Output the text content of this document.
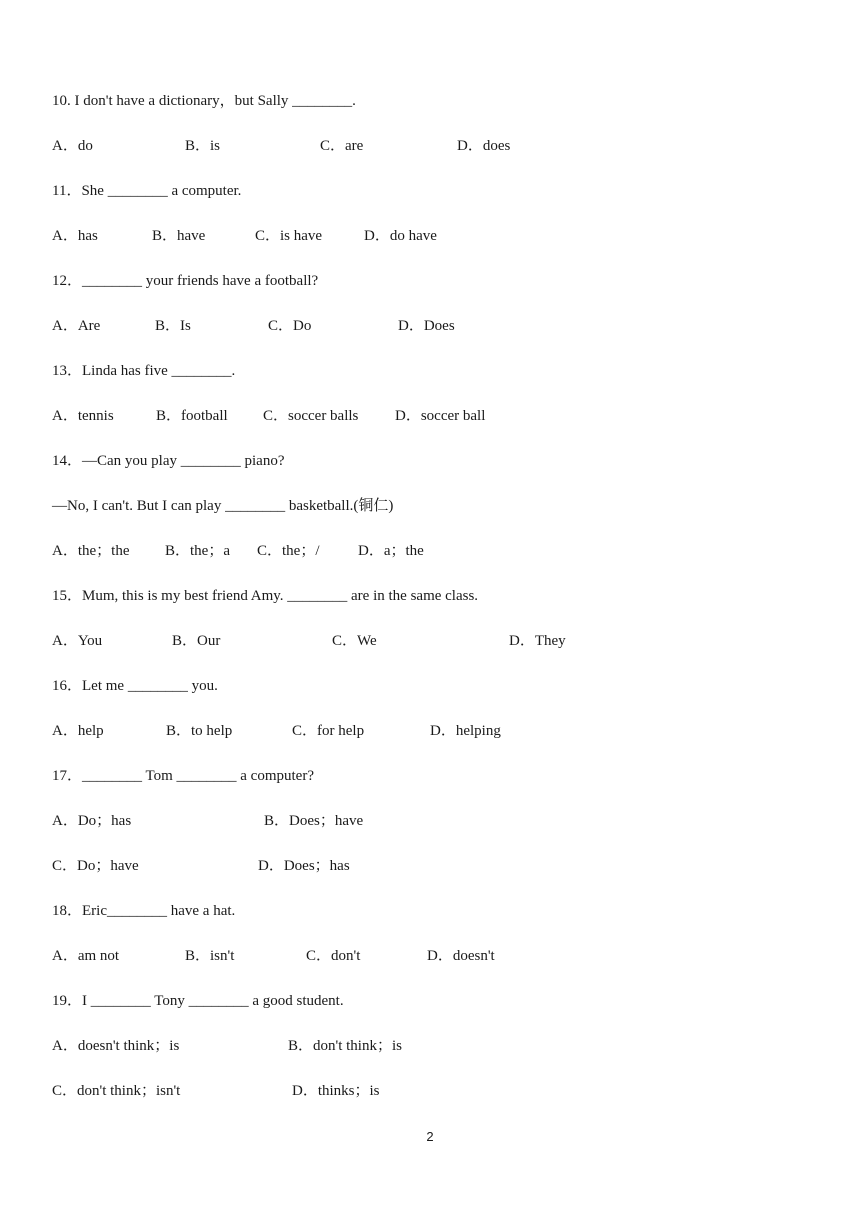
10. I don't have a dictionary，but Sally ________.
A．do	B．is	C．are	D．does
11．She ________ a computer.
A．has	B．have	C．is have	D．do have
12．________ your friends have a football?
A．Are	B．Is	C．Do	D．Does
13．Linda has five ________.
A．tennis	B．football C．soccer balls D．soccer ball
14．—Can you play ________ piano?
—No, I can't. But I can play ________ basketball.(铜仁)
A．the；the B．the；a C．the；/	D．a；the
15．Mum, this is my best friend Amy. ________ are in the same class.
A．You	B．Our	C．We	D．They
16．Let me ________ you.
A．help	B．to help	C．for help	D．helping
17．________ Tom ________ a computer?
A．Do；has	B．Does；have
C．Do；have	D．Does；has
18．Eric________ have a hat.
A．am not	B．isn't	C．don't	D．doesn't
19．I ________ Tony ________ a good student.
A．doesn't think；is	B．don't think；is
C．don't think；isn't	D．thinks；is
2
